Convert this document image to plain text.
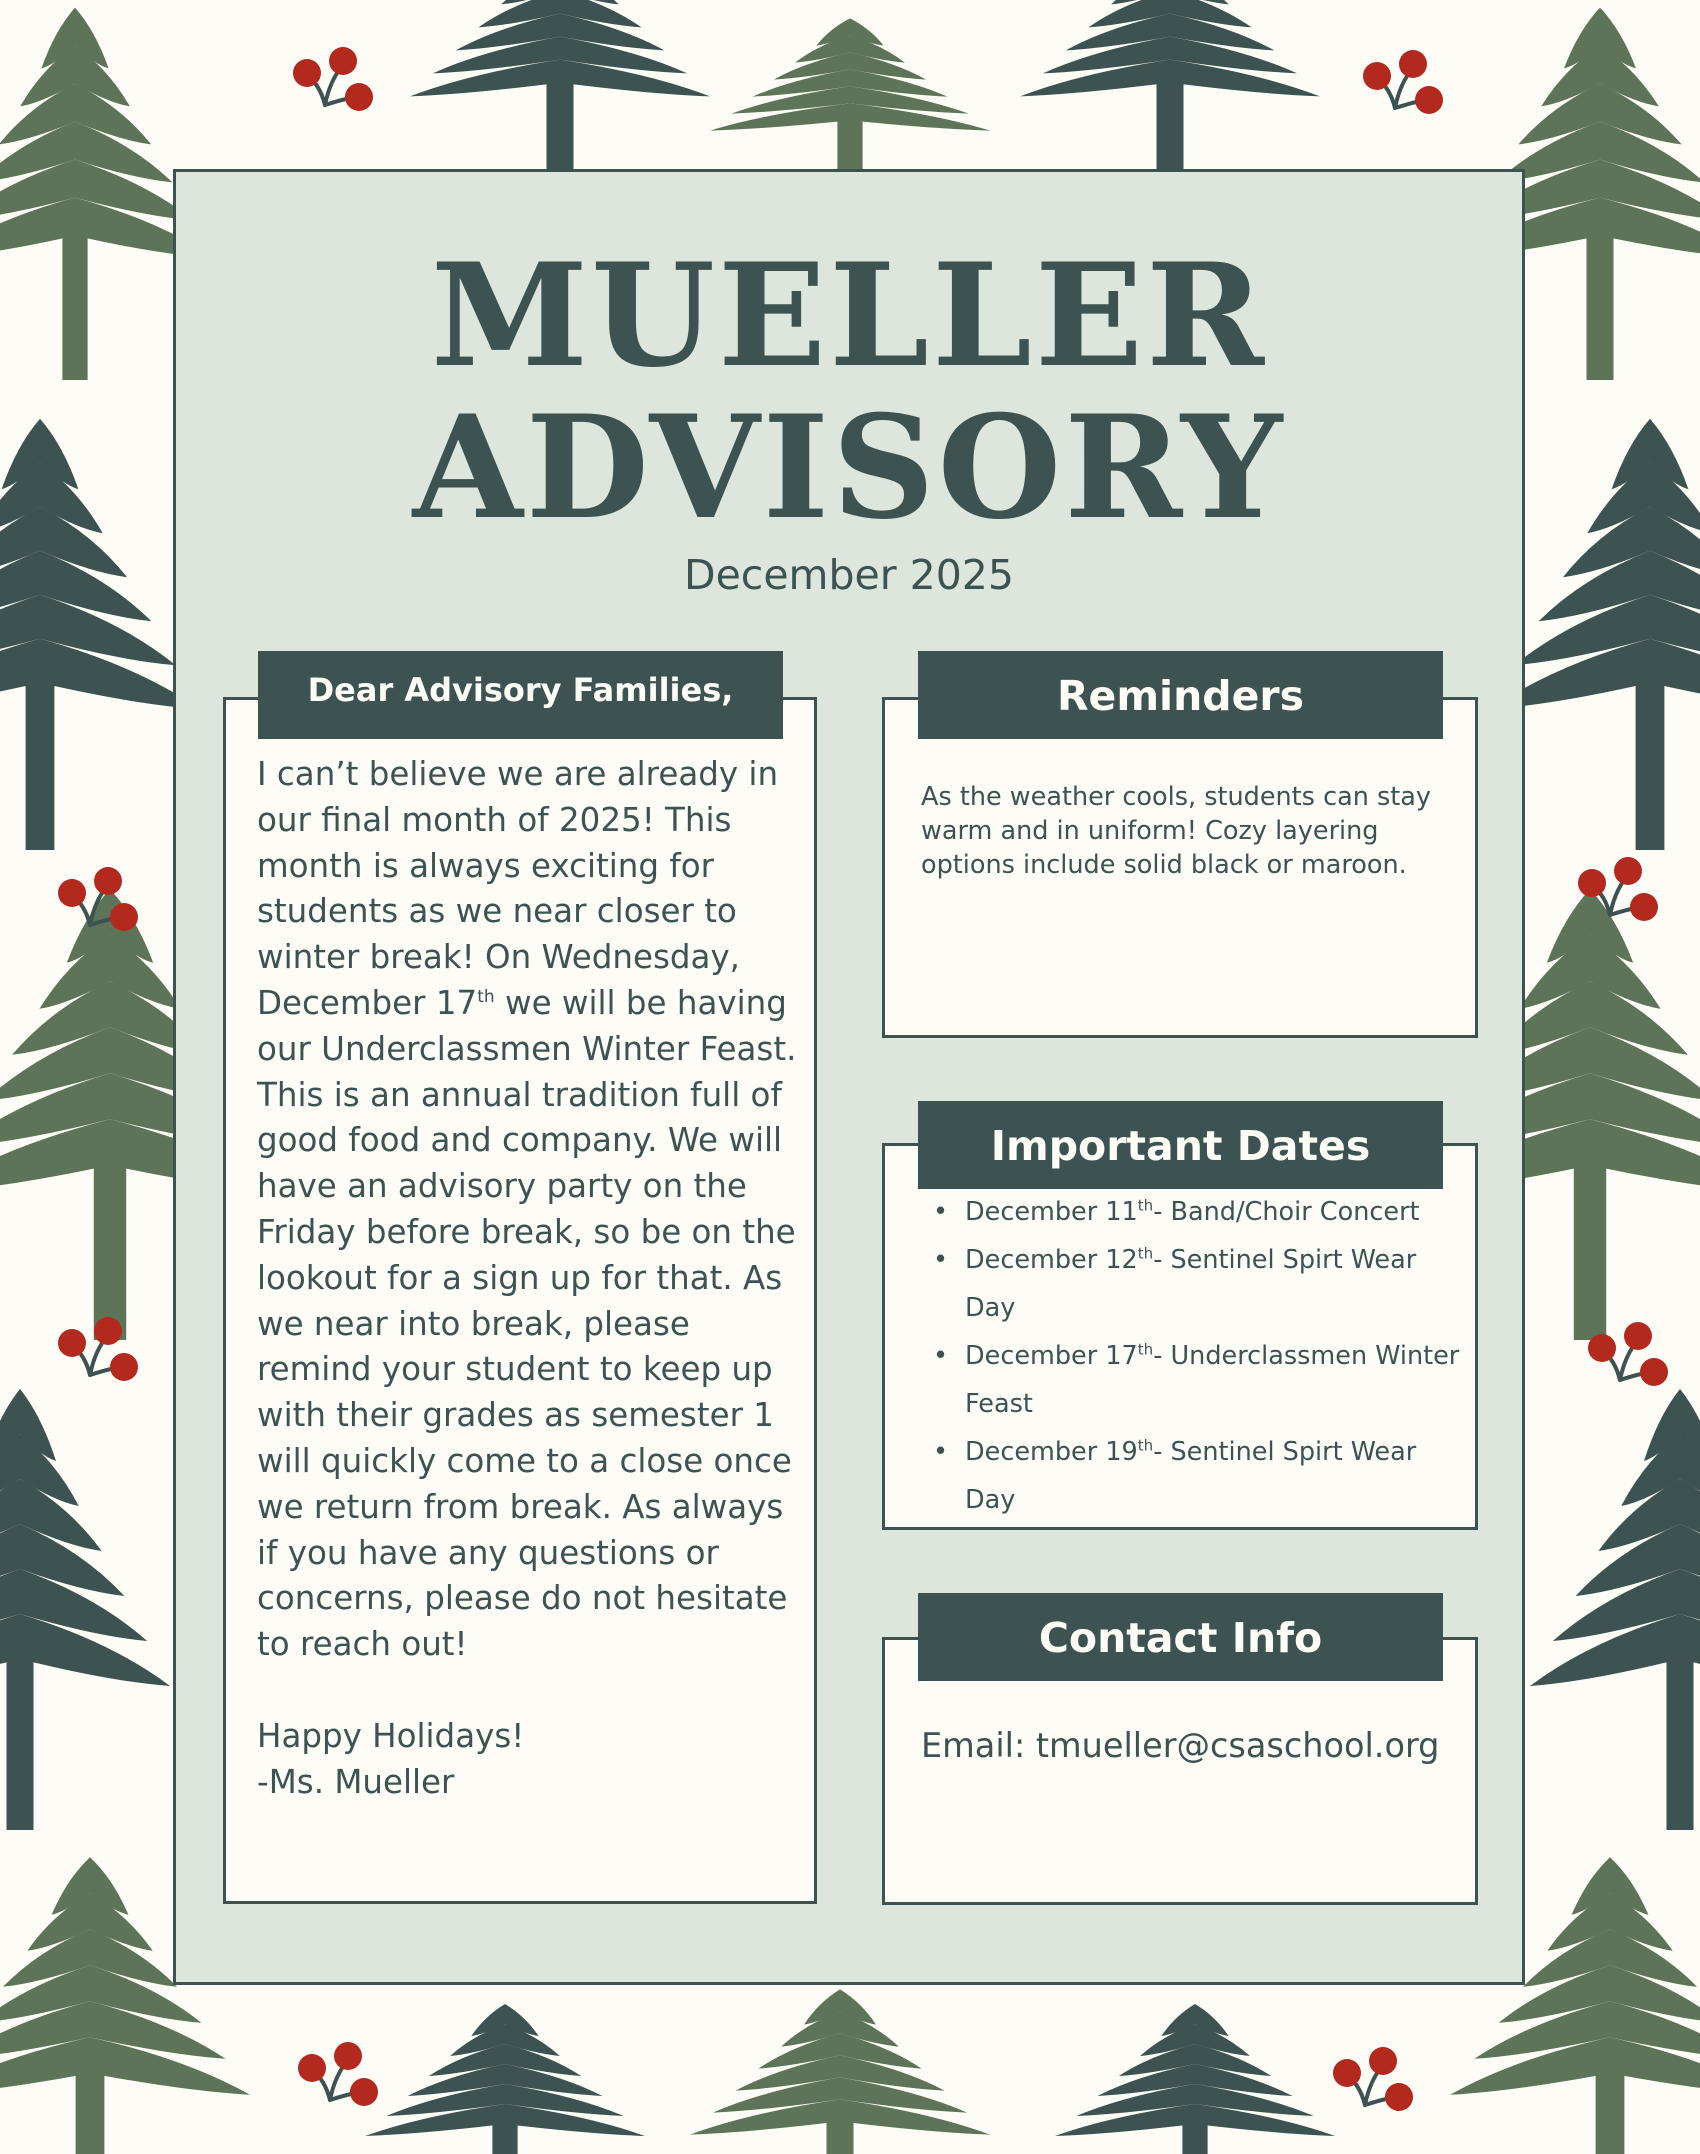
MUELLER
ADVISORY
December 2025
Dear Advisory Families,

I can’t believe we are already in our final month of 2025! This month is always exciting for students as we near closer to winter break! On Wednesday, December 17th we will be having our Underclassmen Winter Feast. This is an annual tradition full of good food and company. We will have an advisory party on the Friday before break, so be on the lookout for a sign up for that. As we near into break, please remind your student to keep up with their grades as semester 1 will quickly come to a close once we return from break. As always if you have any questions or concerns, please do not hesitate to reach out!

Happy Holidays!

-Ms. Mueller

Reminders
As the weather cools, students can stay warm and in uniform! Cozy layering options include solid black or maroon.
Important Dates
• December 11th- Band/Choir Concert
• December 12th- Sentinel Spirt Wear Day
• December 17th- Underclassmen Winter Feast
• December 19th- Sentinel Spirt Wear Day
Contact Info
Email: tmueller@csaschool.org
